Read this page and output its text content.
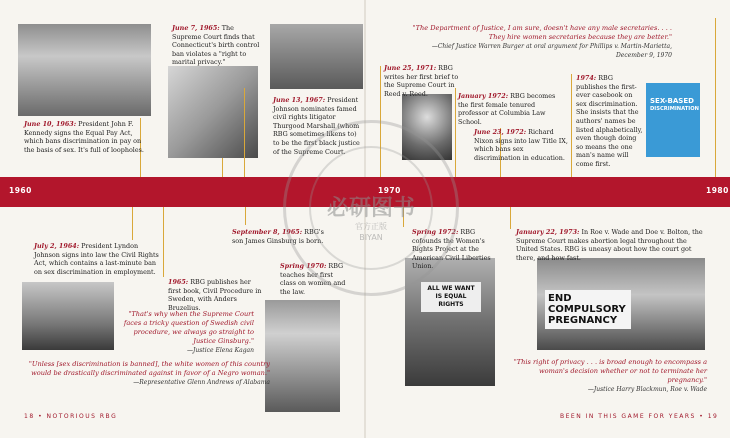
ALL WE WANT IS EQUAL RIGHTS
END COMPULSORY PREGNANCY
SEX-BASED
DISCRIMINATION
1960	1970	1980
June 10, 1963: President John F. Kennedy signs the Equal Pay Act, which bans discrimination in pay on the basis of sex. It's full of loopholes.
June 7, 1965: The Supreme Court finds that Connecticut's birth control ban violates a "right to marital privacy."
June 13, 1967: President Johnson nominates famed civil rights litigator Thurgood Marshall (whom RBG sometimes likens to) to be the first black justice of the Supreme Court.
July 2, 1964: President Lyndon Johnson signs into law the Civil Rights Act, which contains a last-minute ban on sex discrimination in employment.
1965: RBG publishes her first book, Civil Procedure in Sweden, with Anders Bruzelius.
September 8, 1965: RBG's son James Ginsburg is born.
Spring 1970: RBG teaches her first class on women and the law.
June 25, 1971: RBG writes her first brief to the Supreme Court in Reed v. Reed.	January 1972: RBG becomes the first female tenured professor at Columbia Law School.
June 23, 1972: Richard Nixon signs into law Title IX, which bans sex discrimination in education.
Spring 1972: RBG cofounds the Women's Rights Project at the American Civil Liberties Union.
1974: RBG publishes the first-ever casebook on sex discrimination. She insists that the authors' names be listed alphabetically, even though doing so means the one man's name will come first.
January 22, 1973: In Roe v. Wade and Doe v. Bolton, the Supreme Court makes abortion legal throughout the United States. RBG is uneasy about how the court got there, and how fast.
"The Department of Justice, I am sure, doesn't have any male secretaries. . . . They hire women secretaries because they are better."
—Chief Justice Warren Burger at oral argument for Phillips v. Martin-Marietta, December 9, 1970
"That's why when the Supreme Court faces a tricky question of Swedish civil procedure, we always go straight to Justice Ginsburg."
—Justice Elena Kagan
"Unless [sex discrimination is banned], the white women of this country would be drastically discriminated against in favor of a Negro woman."
—Representative Glenn Andrews of Alabama
"This right of privacy . . . is broad enough to encompass a woman's decision whether or not to terminate her pregnancy."
—Justice Harry Blackmun, Roe v. Wade
必研图书
官方正版
BIYAN
18 • NOTORIOUS RBG	BEEN IN THIS GAME FOR YEARS • 19
